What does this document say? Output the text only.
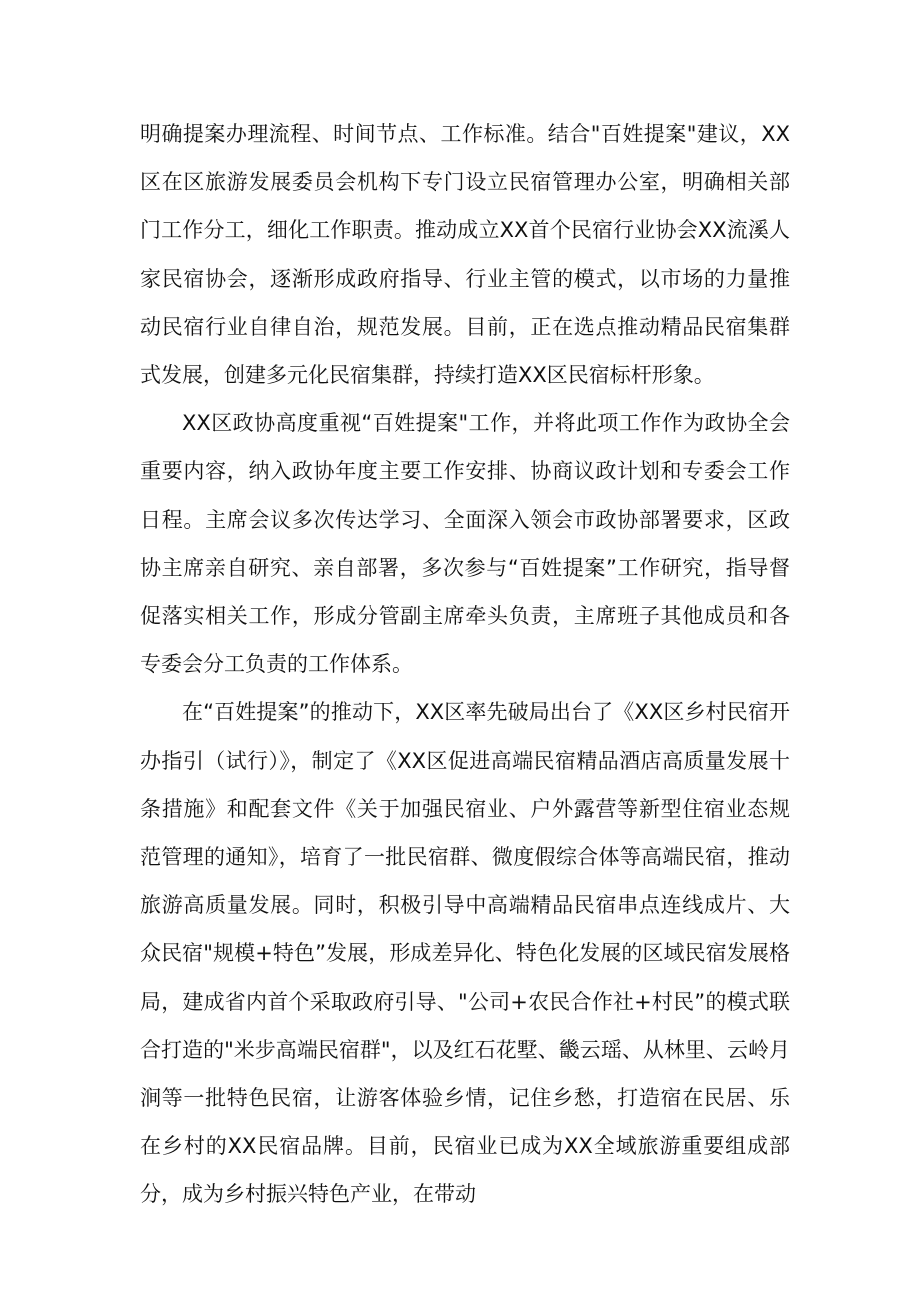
明确提案办理流程、时间节点、工作标准。结合"百姓提案"建议，XX区在区旅游发展委员会机构下专门设立民宿管理办公室，明确相关部门工作分工，细化工作职责。推动成立XX首个民宿行业协会XX流溪人家民宿协会，逐渐形成政府指导、行业主管的模式，以市场的力量推动民宿行业自律自治，规范发展。目前，正在选点推动精品民宿集群式发展，创建多元化民宿集群，持续打造XX区民宿标杆形象。

XX区政协高度重视“百姓提案"工作，并将此项工作作为政协全会重要内容，纳入政协年度主要工作安排、协商议政计划和专委会工作日程。主席会议多次传达学习、全面深入领会市政协部署要求，区政协主席亲自研究、亲自部署，多次参与“百姓提案”工作研究，指导督促落实相关工作，形成分管副主席牵头负责，主席班子其他成员和各专委会分工负责的工作体系。

在“百姓提案”的推动下，XX区率先破局出台了《XX区乡村民宿开办指引（试行）》，制定了《XX区促进高端民宿精品酒店高质量发展十条措施》和配套文件《关于加强民宿业、户外露营等新型住宿业态规范管理的通知》，培育了一批民宿群、微度假综合体等高端民宿，推动旅游高质量发展。同时，积极引导中高端精品民宿串点连线成片、大众民宿"规模+特色”发展，形成差异化、特色化发展的区域民宿发展格局，建成省内首个采取政府引导、"公司+农民合作社+村民”的模式联合打造的"米步高端民宿群"，以及红石花墅、畿云瑶、从林里、云岭月涧等一批特色民宿，让游客体验乡情，记住乡愁，打造宿在民居、乐在乡村的XX民宿品牌。目前，民宿业已成为XX全域旅游重要组成部分，成为乡村振兴特色产业，在带动
